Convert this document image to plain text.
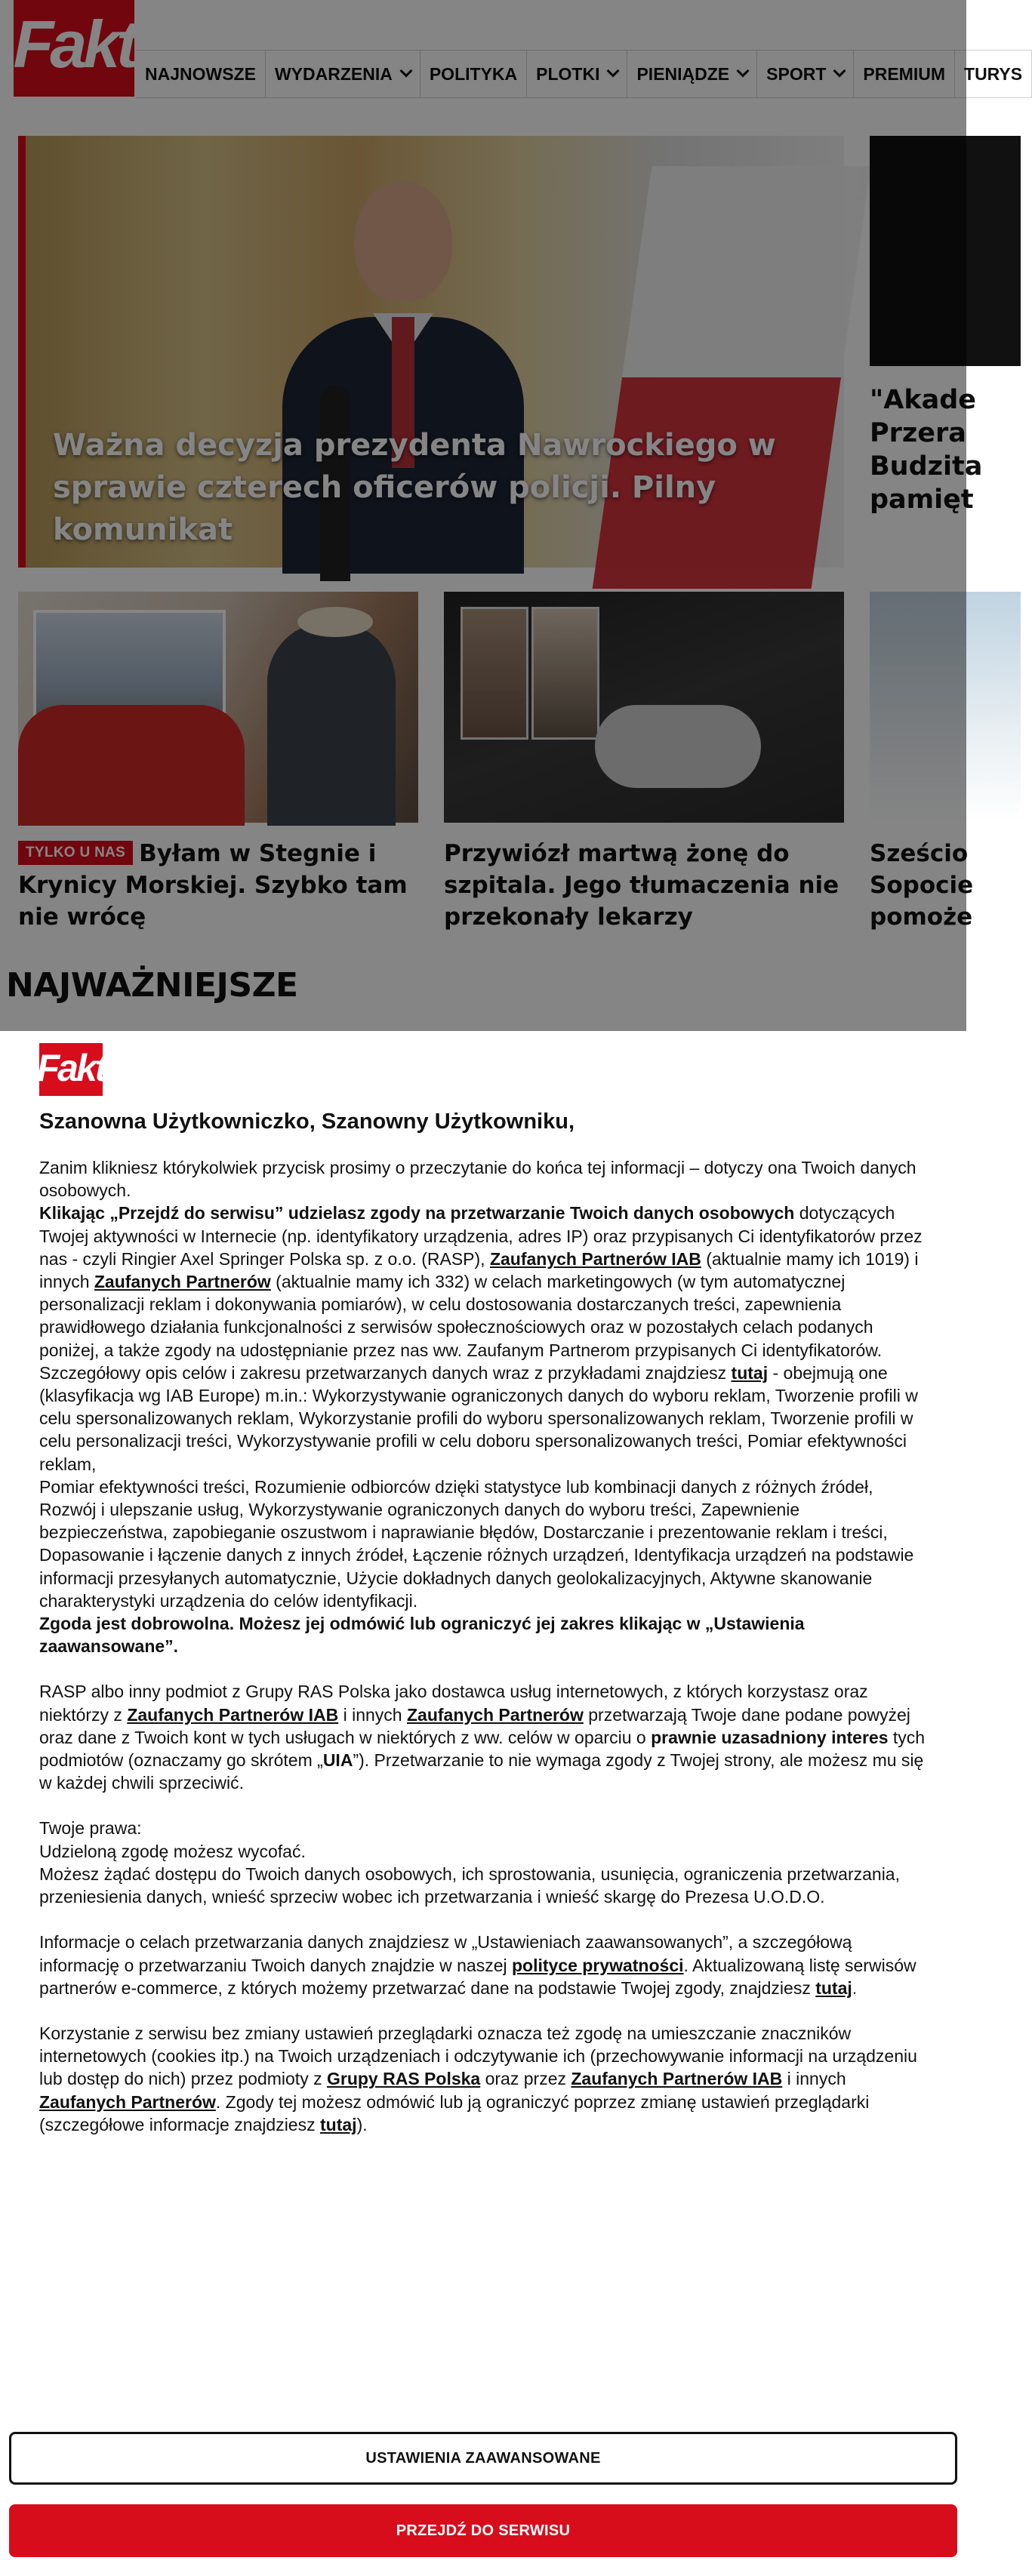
Fakt NAJNOWSZE WYDARZENIA POLITYKA PLOTKI PIENIĄDZE SPORT PREMIUM TURYS
Ważna decyzja prezydenta Nawrockiego w sprawie czterech oficerów policji. Pilny komunikat
"Akade
Przera
Budzita
pamięt
TYLKO U NAS Byłam w Stegnie i Krynicy Morskiej. Szybko tam nie wrócę
Przywiózł martwą żonę do szpitala. Jego tłumaczenia nie przekonały lekarzy
Sześcio
Sopocie
pomoże
NAJWAŻNIEJSZE
Fakt
Szanowna Użytkowniczko, Szanowny Użytkowniku,

Zanim klikniesz którykolwiek przycisk prosimy o przeczytanie do końca tej informacji – dotyczy ona Twoich danych osobowych.

Klikając „Przejdź do serwisu” udzielasz zgody na przetwarzanie Twoich danych osobowych dotyczących Twojej aktywności w Internecie (np. identyfikatory urządzenia, adres IP) oraz przypisanych Ci identyfikatorów przez nas - czyli Ringier Axel Springer Polska sp. z o.o. (RASP), Zaufanych Partnerów IAB (aktualnie mamy ich 1019) i innych Zaufanych Partnerów (aktualnie mamy ich 332) w celach marketingowych (w tym automatycznej personalizacji reklam i dokonywania pomiarów), w celu dostosowania dostarczanych treści, zapewnienia prawidłowego działania funkcjonalności z serwisów społecznościowych oraz w pozostałych celach podanych poniżej, a także zgody na udostępnianie przez nas ww. Zaufanym Partnerom przypisanych Ci identyfikatorów. Szczegółowy opis celów i zakresu przetwarzanych danych wraz z przykładami znajdziesz tutaj - obejmują one (klasyfikacja wg IAB Europe) m.in.: Wykorzystywanie ograniczonych danych do wyboru reklam, Tworzenie profili w celu spersonalizowanych reklam, Wykorzystanie profili do wyboru spersonalizowanych reklam, Tworzenie profili w celu personalizacji treści, Wykorzystywanie profili w celu doboru spersonalizowanych treści, Pomiar efektywności reklam,

Pomiar efektywności treści, Rozumienie odbiorców dzięki statystyce lub kombinacji danych z różnych źródeł, Rozwój i ulepszanie usług, Wykorzystywanie ograniczonych danych do wyboru treści, Zapewnienie bezpieczeństwa, zapobieganie oszustwom i naprawianie błędów, Dostarczanie i prezentowanie reklam i treści, Dopasowanie i łączenie danych z innych źródeł, Łączenie różnych urządzeń, Identyfikacja urządzeń na podstawie informacji przesyłanych automatycznie, Użycie dokładnych danych geolokalizacyjnych, Aktywne skanowanie charakterystyki urządzenia do celów identyfikacji.

Zgoda jest dobrowolna. Możesz jej odmówić lub ograniczyć jej zakres klikając w „Ustawienia zaawansowane”.

RASP albo inny podmiot z Grupy RAS Polska jako dostawca usług internetowych, z których korzystasz oraz niektórzy z Zaufanych Partnerów IAB i innych Zaufanych Partnerów przetwarzają Twoje dane podane powyżej oraz dane z Twoich kont w tych usługach w niektórych z ww. celów w oparciu o prawnie uzasadniony interes tych podmiotów (oznaczamy go skrótem „UIA”). Przetwarzanie to nie wymaga zgody z Twojej strony, ale możesz mu się w każdej chwili sprzeciwić.

Twoje prawa:

Udzieloną zgodę możesz wycofać.

Możesz żądać dostępu do Twoich danych osobowych, ich sprostowania, usunięcia, ograniczenia przetwarzania, przeniesienia danych, wnieść sprzeciw wobec ich przetwarzania i wnieść skargę do Prezesa U.O.D.O.

Informacje o celach przetwarzania danych znajdziesz w „Ustawieniach zaawansowanych”, a szczegółową informację o przetwarzaniu Twoich danych znajdzie w naszej polityce prywatności. Aktualizowaną listę serwisów partnerów e-commerce, z których możemy przetwarzać dane na podstawie Twojej zgody, znajdziesz tutaj.

Korzystanie z serwisu bez zmiany ustawień przeglądarki oznacza też zgodę na umieszczanie znaczników internetowych (cookies itp.) na Twoich urządzeniach i odczytywanie ich (przechowywanie informacji na urządzeniu lub dostęp do nich) przez podmioty z Grupy RAS Polska oraz przez Zaufanych Partnerów IAB i innych Zaufanych Partnerów. Zgody tej możesz odmówić lub ją ograniczyć poprzez zmianę ustawień przeglądarki (szczegółowe informacje znajdziesz tutaj).

USTAWIENIA ZAAWANSOWANE
PRZEJDŹ DO SERWISU
